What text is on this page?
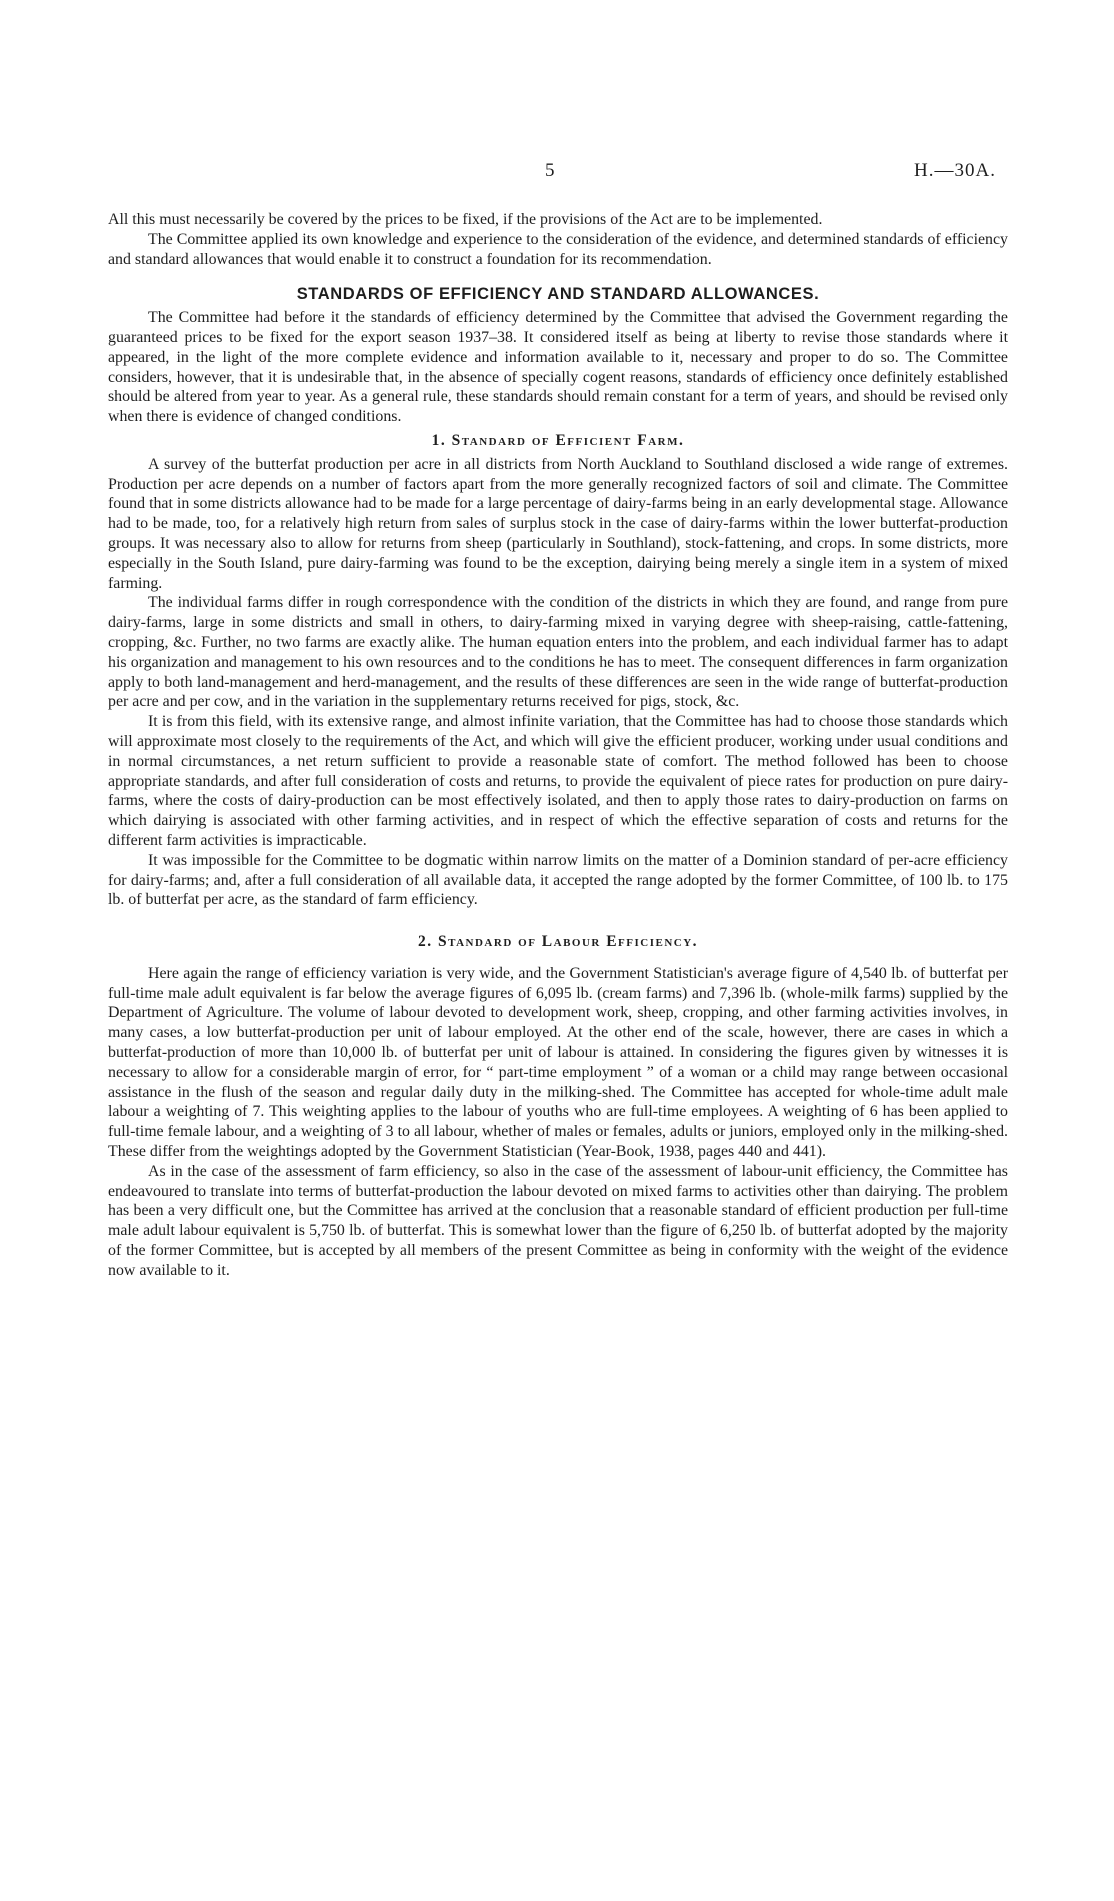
5	H.—30A.

All this must necessarily be covered by the prices to be fixed, if the provisions of the Act are to be implemented.

The Committee applied its own knowledge and experience to the consideration of the evidence, and determined standards of efficiency and standard allowances that would enable it to construct a foundation for its recommendation.

STANDARDS OF EFFICIENCY AND STANDARD ALLOWANCES.

The Committee had before it the standards of efficiency determined by the Committee that advised the Government regarding the guaranteed prices to be fixed for the export season 1937–38. It considered itself as being at liberty to revise those standards where it appeared, in the light of the more complete evidence and information available to it, necessary and proper to do so. The Committee considers, however, that it is undesirable that, in the absence of specially cogent reasons, standards of efficiency once definitely established should be altered from year to year. As a general rule, these standards should remain constant for a term of years, and should be revised only when there is evidence of changed conditions.

1. Standard of Efficient Farm.

A survey of the butterfat production per acre in all districts from North Auckland to Southland disclosed a wide range of extremes. Production per acre depends on a number of factors apart from the more generally recognized factors of soil and climate. The Committee found that in some districts allowance had to be made for a large percentage of dairy-farms being in an early developmental stage. Allowance had to be made, too, for a relatively high return from sales of surplus stock in the case of dairy-farms within the lower butterfat-production groups. It was necessary also to allow for returns from sheep (particularly in Southland), stock-fattening, and crops. In some districts, more especially in the South Island, pure dairy-farming was found to be the exception, dairying being merely a single item in a system of mixed farming.

The individual farms differ in rough correspondence with the condition of the districts in which they are found, and range from pure dairy-farms, large in some districts and small in others, to dairy-farming mixed in varying degree with sheep-raising, cattle-fattening, cropping, &c. Further, no two farms are exactly alike. The human equation enters into the problem, and each individual farmer has to adapt his organization and management to his own resources and to the conditions he has to meet. The consequent differences in farm organization apply to both land-management and herd-management, and the results of these differences are seen in the wide range of butterfat-production per acre and per cow, and in the variation in the supplementary returns received for pigs, stock, &c.

It is from this field, with its extensive range, and almost infinite variation, that the Committee has had to choose those standards which will approximate most closely to the requirements of the Act, and which will give the efficient producer, working under usual conditions and in normal circumstances, a net return sufficient to provide a reasonable state of comfort. The method followed has been to choose appropriate standards, and after full consideration of costs and returns, to provide the equivalent of piece rates for production on pure dairy-farms, where the costs of dairy-production can be most effectively isolated, and then to apply those rates to dairy-production on farms on which dairying is associated with other farming activities, and in respect of which the effective separation of costs and returns for the different farm activities is impracticable.

It was impossible for the Committee to be dogmatic within narrow limits on the matter of a Dominion standard of per-acre efficiency for dairy-farms; and, after a full consideration of all available data, it accepted the range adopted by the former Committee, of 100 lb. to 175 lb. of butterfat per acre, as the standard of farm efficiency.

2. Standard of Labour Efficiency.

Here again the range of efficiency variation is very wide, and the Government Statistician's average figure of 4,540 lb. of butterfat per full-time male adult equivalent is far below the average figures of 6,095 lb. (cream farms) and 7,396 lb. (whole-milk farms) supplied by the Department of Agriculture. The volume of labour devoted to development work, sheep, cropping, and other farming activities involves, in many cases, a low butterfat-production per unit of labour employed. At the other end of the scale, however, there are cases in which a butterfat-production of more than 10,000 lb. of butterfat per unit of labour is attained. In considering the figures given by witnesses it is necessary to allow for a considerable margin of error, for “ part-time employment ” of a woman or a child may range between occasional assistance in the flush of the season and regular daily duty in the milking-shed. The Committee has accepted for whole-time adult male labour a weighting of 7. This weighting applies to the labour of youths who are full-time employees. A weighting of 6 has been applied to full-time female labour, and a weighting of 3 to all labour, whether of males or females, adults or juniors, employed only in the milking-shed. These differ from the weightings adopted by the Government Statistician (Year-Book, 1938, pages 440 and 441).

As in the case of the assessment of farm efficiency, so also in the case of the assessment of labour-unit efficiency, the Committee has endeavoured to translate into terms of butterfat-production the labour devoted on mixed farms to activities other than dairying. The problem has been a very difficult one, but the Committee has arrived at the conclusion that a reasonable standard of efficient production per full-time male adult labour equivalent is 5,750 lb. of butterfat. This is somewhat lower than the figure of 6,250 lb. of butterfat adopted by the majority of the former Committee, but is accepted by all members of the present Committee as being in conformity with the weight of the evidence now available to it.
